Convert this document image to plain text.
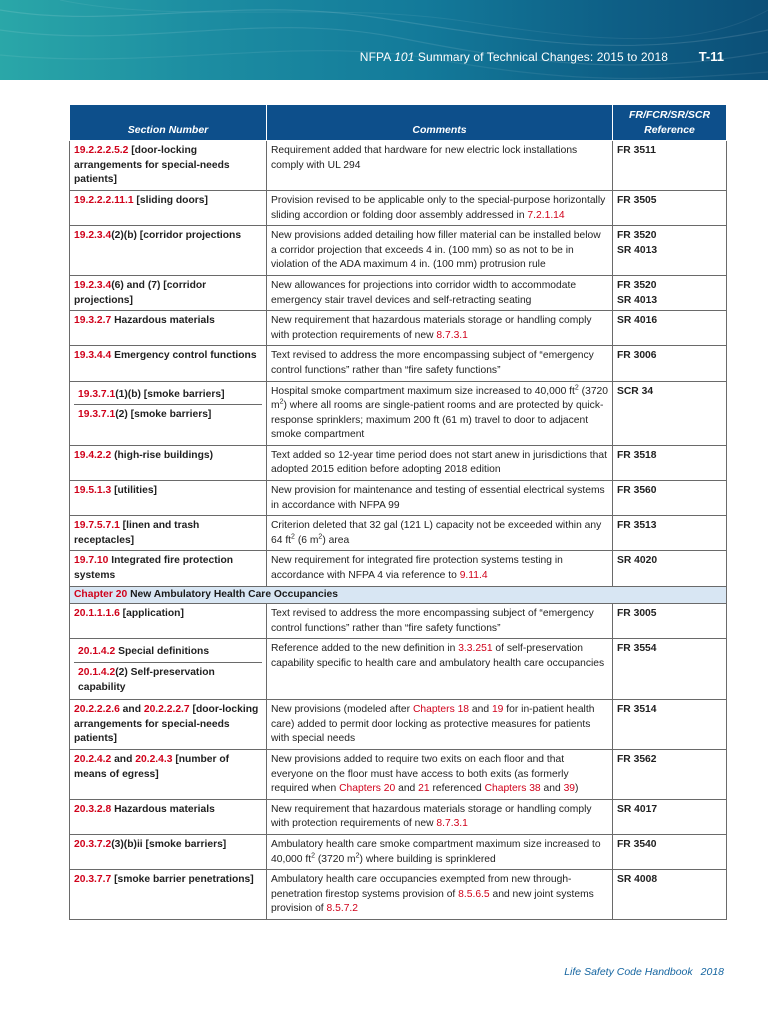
NFPA 101 Summary of Technical Changes: 2015 to 2018 T-11
Section Number	Comments	FR/FCR/SR/SCR Reference
19.2.2.2.5.2 [door-locking arrangements for special-needs patients]	Requirement added that hardware for new electric lock installations comply with UL 294	FR 3511

19.2.2.2.11.1 [sliding doors]	Provision revised to be applicable only to the special-purpose horizontally sliding accordion or folding door assembly addressed in 7.2.1.14	FR 3505

19.2.3.4(2)(b) [corridor projections	New provisions added detailing how filler material can be installed below a corridor projection that exceeds 4 in. (100 mm) so as not to be in violation of the ADA maximum 4 in. (100 mm) protrusion rule	FR 3520
SR 4013

19.2.3.4(6) and (7) [corridor projections]	New allowances for projections into corridor width to accommodate emergency stair travel devices and self-retracting seating	FR 3520
SR 4013

19.3.2.7 Hazardous materials	New requirement that hazardous materials storage or handling comply with protection requirements of new 8.7.3.1	SR 4016

19.3.4.4 Emergency control functions	Text revised to address the more encompassing subject of “emergency control functions” rather than “fire safety functions”	FR 3006

19.3.7.1(1)(b) [smoke barriers]
19.3.7.1(2) [smoke barriers]	Hospital smoke compartment maximum size increased to 40,000 $ft^2$ (3720 $m^2$) where all rooms are single-patient rooms and are protected by quick-response sprinklers; maximum 200 ft (61 m) travel to door to adjacent smoke compartment	SCR 34

19.4.2.2 (high-rise buildings)	Text added so 12-year time period does not start anew in jurisdictions that adopted 2015 edition before adopting 2018 edition	FR 3518

19.5.1.3 [utilities]	New provision for maintenance and testing of essential electrical systems in accordance with NFPA 99	FR 3560

19.7.5.7.1 [linen and trash receptacles]	Criterion deleted that 32 gal (121 L) capacity not be exceeded within any 64 $ft^2$ (6 $m^2$) area	FR 3513

19.7.10 Integrated fire protection systems	New requirement for integrated fire protection systems testing in accordance with NFPA 4 via reference to 9.11.4	SR 4020

Chapter 20 New Ambulatory Health Care Occupancies		
20.1.1.1.6 [application]	Text revised to address the more encompassing subject of “emergency control functions” rather than “fire safety functions”	FR 3005

20.1.4.2 Special definitions
20.1.4.2(2) Self-preservation capability	Reference added to the new definition in 3.3.251 of self-preservation capability specific to health care and ambulatory health care occupancies	FR 3554

20.2.2.2.6 and 20.2.2.2.7 [door-locking arrangements for special-needs patients]	New provisions (modeled after Chapters 18 and 19 for in-patient health care) added to permit door locking as protective measures for patients with special needs	FR 3514

20.2.4.2 and 20.2.4.3 [number of means of egress]	New provisions added to require two exits on each floor and that everyone on the floor must have access to both exits (as formerly required when Chapters 20 and 21 referenced Chapters 38 and 39)	FR 3562

20.3.2.8 Hazardous materials	New requirement that hazardous materials storage or handling comply with protection requirements of new 8.7.3.1	SR 4017

20.3.7.2(3)(b)ii [smoke barriers]	Ambulatory health care smoke compartment maximum size increased to 40,000 $ft^2$ (3720 $m^2$) where building is sprinklered	FR 3540

20.3.7.7 [smoke barrier penetrations]	Ambulatory health care occupancies exempted from new through-penetration firestop systems provision of 8.5.6.5 and new joint systems provision of 8.5.7.2	SR 4008
Life Safety Code Handbook 2018
